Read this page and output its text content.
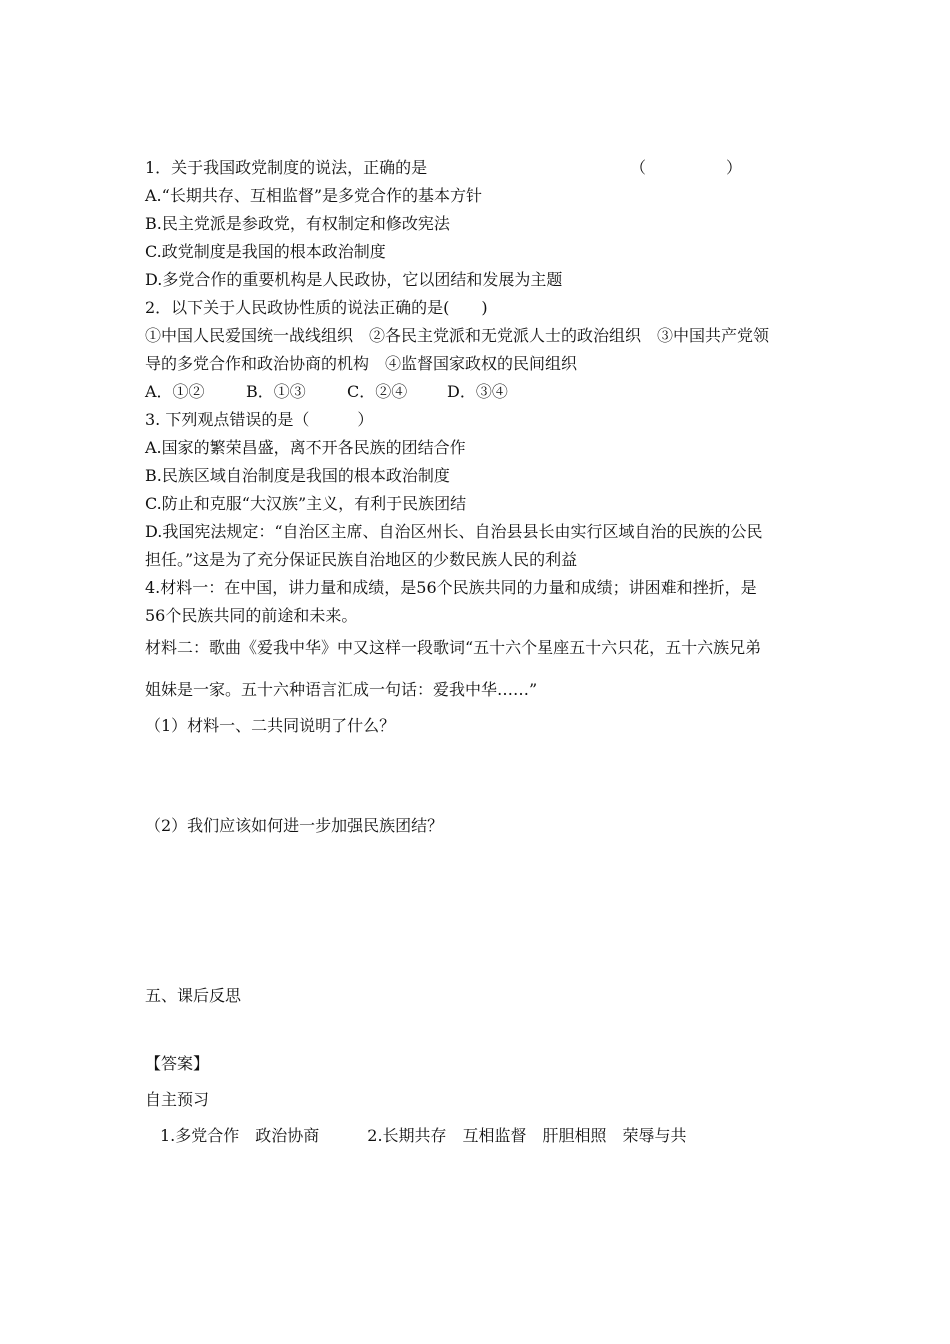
1．关于我国政党制度的说法，正确的是	（　　　　　）
A.“长期共存、互相监督”是多党合作的基本方针
B.民主党派是参政党，有权制定和修改宪法
C.政党制度是我国的根本政治制度
D.多党合作的重要机构是人民政协，它以团结和发展为主题
2．以下关于人民政协性质的说法正确的是(　　)
①中国人民爱国统一战线组织　②各民主党派和无党派人士的政治组织　③中国共产党领
导的多党合作和政治协商的机构　④监督国家政权的民间组织
A．①②	B．①③	C．②④ D．③④
3. 下列观点错误的是（　　　）
A.国家的繁荣昌盛，离不开各民族的团结合作
B.民族区域自治制度是我国的根本政治制度
C.防止和克服“大汉族”主义，有利于民族团结
D.我国宪法规定：“自治区主席、自治区州长、自治县县长由实行区域自治的民族的公民
担任。”这是为了充分保证民族自治地区的少数民族人民的利益
4.材料一：在中国，讲力量和成绩，是56个民族共同的力量和成绩；讲困难和挫折，是
56个民族共同的前途和未来。
材料二：歌曲《爱我中华》中又这样一段歌词“五十六个星座五十六只花，五十六族兄弟
姐妹是一家。五十六种语言汇成一句话：爱我中华……”
（1）材料一、二共同说明了什么？
（2）我们应该如何进一步加强民族团结？
五、课后反思
【答案】
自主预习
1.多党合作　政治协商　　　2.长期共存　互相监督　肝胆相照　荣辱与共
